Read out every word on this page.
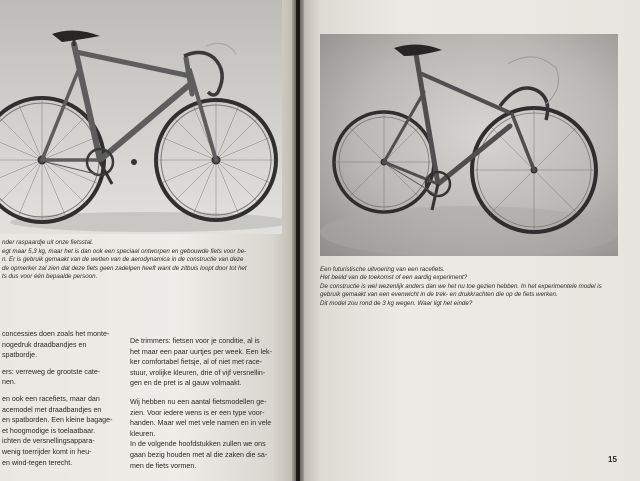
nder raspaardje uit onze fietsstal.

egt maar 5,3 kg, maar het is dan ook een speciaal ontworpen en gebouwde fiets voor be-

n. Er is gebruik gemaakt van de wetten van de aerodynamica in de constructie van deze

de opmerker zal zien dat deze fiets geen zadelpen heeft want de zitbuis loopt door tot het

ts dus voor één bepaalde persoon.

concessies doen zoals het monte-

nogedruk draadbandjes en

spatbordje.

ers: verreweg de grootste cate-

nen.

en ook een racefiets, maar dan

acemodel met draadbandjes en

en spatborden. Een kleine bagage-

et hoogmodige is toelaatbaar.

ichten de versnellingsappara-

wenig toerrijder komt in heu-

en wind-tegen terecht.

De trimmers: fietsen voor je conditie, al is

het maar een paar uurtjes per week. Een lek-

ker comfortabel fietsje, al of niet met race-

stuur, vrolijke kleuren, drie of vijf versnellin-

gen en de pret is al gauw volmaakt.

Wij hebben nu een aantal fietsmodellen ge-

zien. Voor iedere wens is er een type voor-

handen. Maar wel met vele namen en in vele

kleuren.

In de volgende hoofdstukken zullen we ons

gaan bezig houden met al die zaken die sa-

men de fiets vormen.

Een futuristische uitvoering van een racefiets.

Het beeld van de toekomst of een aardig experiment?

De constructie is wel wezenlijk anders dan we het nu toe gezien hebben. In het experimentele model is

gebruik gemaakt van een evenwicht in de trek- en drukkrachten die op de fiets werken.

Dit model zou rond de 3 kg wegen. Waar ligt het einde?

15
